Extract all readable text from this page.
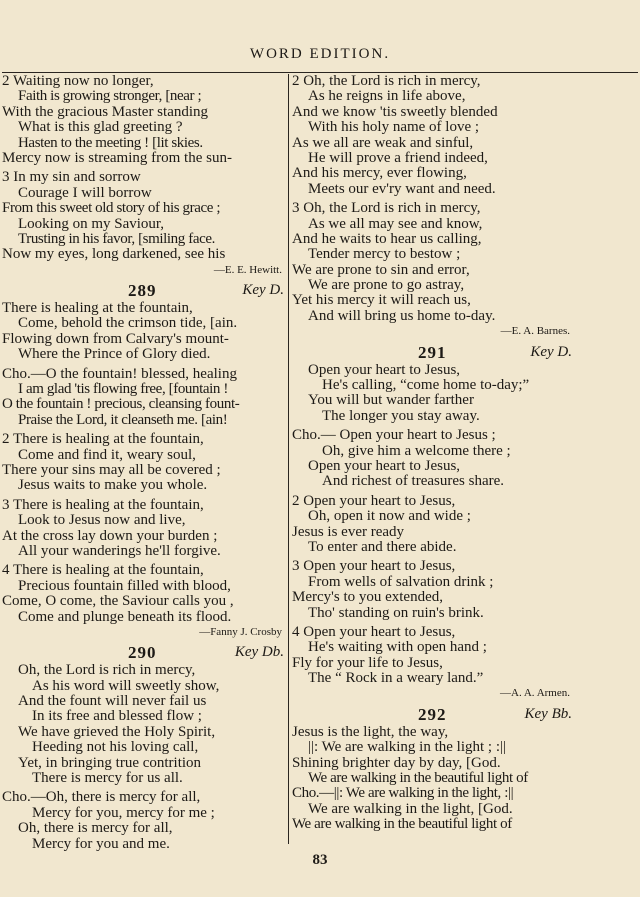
WORD EDITION.
2 Waiting now no longer,
Faith is growing stronger, [near ;
With the gracious Master standing
What is this glad greeting ?
Hasten to the meeting ! [lit skies.
Mercy now is streaming from the sun-
3 In my sin and sorrow
Courage I will borrow
From this sweet old story of his grace ;
Looking on my Saviour,
Trusting in his favor, [smiling face.
Now my eyes, long darkened, see his
—E. E. Hewitt.
289	Key D.
There is healing at the fountain,
Come, behold the crimson tide, [ain.
Flowing down from Calvary's mount-
Where the Prince of Glory died.
Cho.—O the fountain! blessed, healing
I am glad 'tis flowing free, [fountain !
O the fountain ! precious, cleansing fount-
Praise the Lord, it cleanseth me. [ain!
2 There is healing at the fountain,
Come and find it, weary soul,
There your sins may all be covered ;
Jesus waits to make you whole.
3 There is healing at the fountain,
Look to Jesus now and live,
At the cross lay down your burden ;
All your wanderings he'll forgive.
4 There is healing at the fountain,
Precious fountain filled with blood,
Come, O come, the Saviour calls you ,
Come and plunge beneath its flood.
—Fanny J. Crosby
290	Key Db.
Oh, the Lord is rich in mercy,
As his word will sweetly show,
And the fount will never fail us
In its free and blessed flow ;
We have grieved the Holy Spirit,
Heeding not his loving call,
Yet, in bringing true contrition
There is mercy for us all.
Cho.—Oh, there is mercy for all,
Mercy for you, mercy for me ;
Oh, there is mercy for all,
Mercy for you and me.
2 Oh, the Lord is rich in mercy,
As he reigns in life above,
And we know 'tis sweetly blended
With his holy name of love ;
As we all are weak and sinful,
He will prove a friend indeed,
And his mercy, ever flowing,
Meets our ev'ry want and need.
3 Oh, the Lord is rich in mercy,
As we all may see and know,
And he waits to hear us calling,
Tender mercy to bestow ;
We are prone to sin and error,
We are prone to go astray,
Yet his mercy it will reach us,
And will bring us home to-day.
—E. A. Barnes.
291	Key D.
Open your heart to Jesus,
He's calling, “come home to-day;”
You will but wander farther
The longer you stay away.
Cho.— Open your heart to Jesus ;
Oh, give him a welcome there ;
Open your heart to Jesus,
And richest of treasures share.
2 Open your heart to Jesus,
Oh, open it now and wide ;
Jesus is ever ready
To enter and there abide.
3 Open your heart to Jesus,
From wells of salvation drink ;
Mercy's to you extended,
Tho' standing on ruin's brink.
4 Open your heart to Jesus,
He's waiting with open hand ;
Fly for your life to Jesus,
The “ Rock in a weary land.”
—A. A. Armen.
292	Key Bb.
Jesus is the light, the way,
||: We are walking in the light ; :||
Shining brighter day by day, [God.
We are walking in the beautiful light of
Cho.—||: We are walking in the light, :||
We are walking in the light, [God.
We are walking in the beautiful light of
83
